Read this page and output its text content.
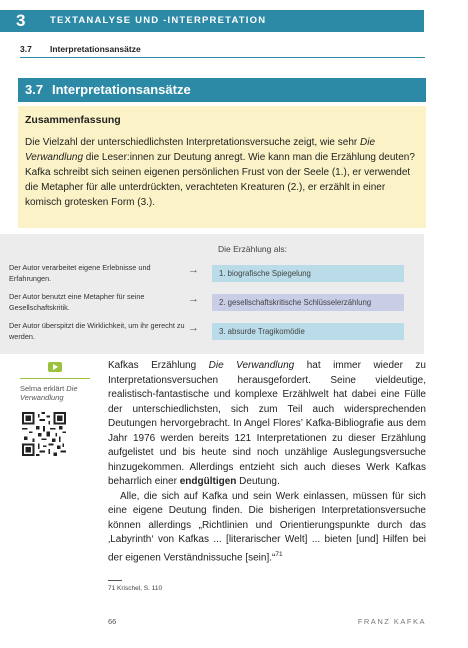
3	TEXTANALYSE UND -INTERPRETATION
3.7 Interpretationsansätze
3.7 Interpretationsansätze
Zusammenfassung
Die Vielzahl der unterschiedlichsten Interpretationsversuche zeigt, wie sehr Die Verwandlung die Leser:innen zur Deutung anregt. Wie kann man die Erzählung deuten? Kafka schreibt sich seinen eigenen persönlichen Frust von der Seele (1.), er verwendet die Metapher für alle unterdrückten, verachteten Kreaturen (2.), er erzählt in einer komisch grotesken Form (3.).
Die Erzählung als:
Der Autor verarbeitet eigene Erlebnisse und Erfahrungen.
→	1. biografische Spiegelung
Der Autor benutzt eine Metapher für seine Gesellschaftskritik.
→	2. gesellschaftskritische Schlüsselerzählung
Der Autor überspitzt die Wirklichkeit, um ihr gerecht zu werden.
→	3. absurde Tragikomödie
Selma erklärt Die Verwandlung

Kafkas Erzählung Die Verwandlung hat immer wieder zu Interpretationsversuchen herausgefordert. Seine vieldeutige, realistisch-fantastische und komplexe Erzählwelt hat dabei eine Fülle der unterschiedlichsten, sich zum Teil auch widersprechenden Deutungen hervorgebracht. In Angel Flores’ Kafka-Bibliografie aus dem Jahr 1976 werden bereits 121 Interpretationen zu dieser Erzählung aufgelistet und bis heute sind noch unzählige Auslegungsversuche hinzugekommen. Allerdings entzieht sich auch dieses Werk Kafkas beharrlich einer endgültigen Deutung.

Alle, die sich auf Kafka und sein Werk einlassen, müssen für sich eine eigene Deutung finden. Die bisherigen Interpretationsversuche können allerdings „Richtlinien und Orientierungspunkte durch das ‚Labyrinth‘ von Kafkas ... [literarischer Welt] ... bieten [und] Hilfen bei der eigenen Verständnissuche [sein].“$^{71}$

71 Krischel, S. 110
66	FRANZ KAFKA
